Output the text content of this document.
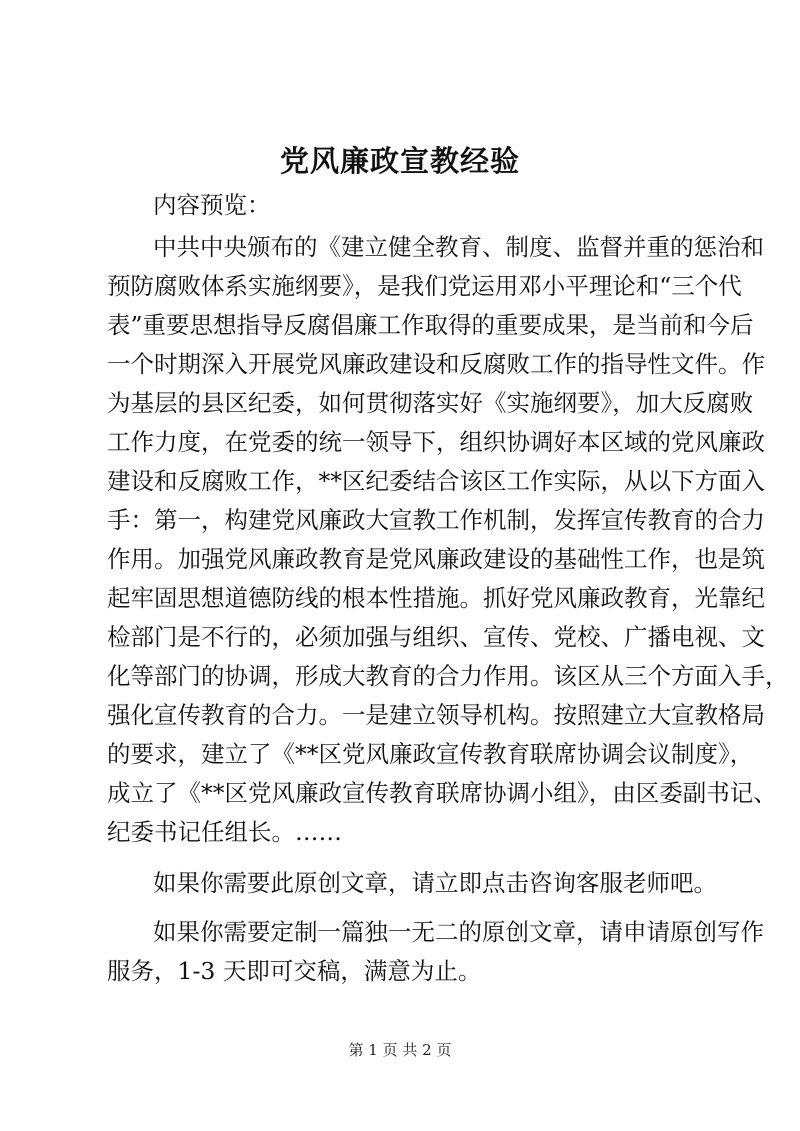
党风廉政宣教经验
内容预览：
中共中央颁布的《建立健全教育、制度、监督并重的惩治和
预防腐败体系实施纲要》，是我们党运用邓小平理论和“三个代
表”重要思想指导反腐倡廉工作取得的重要成果，是当前和今后
一个时期深入开展党风廉政建设和反腐败工作的指导性文件。作
为基层的县区纪委，如何贯彻落实好《实施纲要》，加大反腐败
工作力度，在党委的统一领导下，组织协调好本区域的党风廉政
建设和反腐败工作，**区纪委结合该区工作实际，从以下方面入
手：第一，构建党风廉政大宣教工作机制，发挥宣传教育的合力
作用。加强党风廉政教育是党风廉政建设的基础性工作，也是筑
起牢固思想道德防线的根本性措施。抓好党风廉政教育，光靠纪
检部门是不行的，必须加强与组织、宣传、党校、广播电视、文
化等部门的协调，形成大教育的合力作用。该区从三个方面入手，
强化宣传教育的合力。一是建立领导机构。按照建立大宣教格局
的要求，建立了《**区党风廉政宣传教育联席协调会议制度》，
成立了《**区党风廉政宣传教育联席协调小组》，由区委副书记、
纪委书记任组长。……
如果你需要此原创文章，请立即点击咨询客服老师吧。
如果你需要定制一篇独一无二的原创文章，请申请原创写作
服务，1-3 天即可交稿，满意为止。
第 1 页 共 2 页
